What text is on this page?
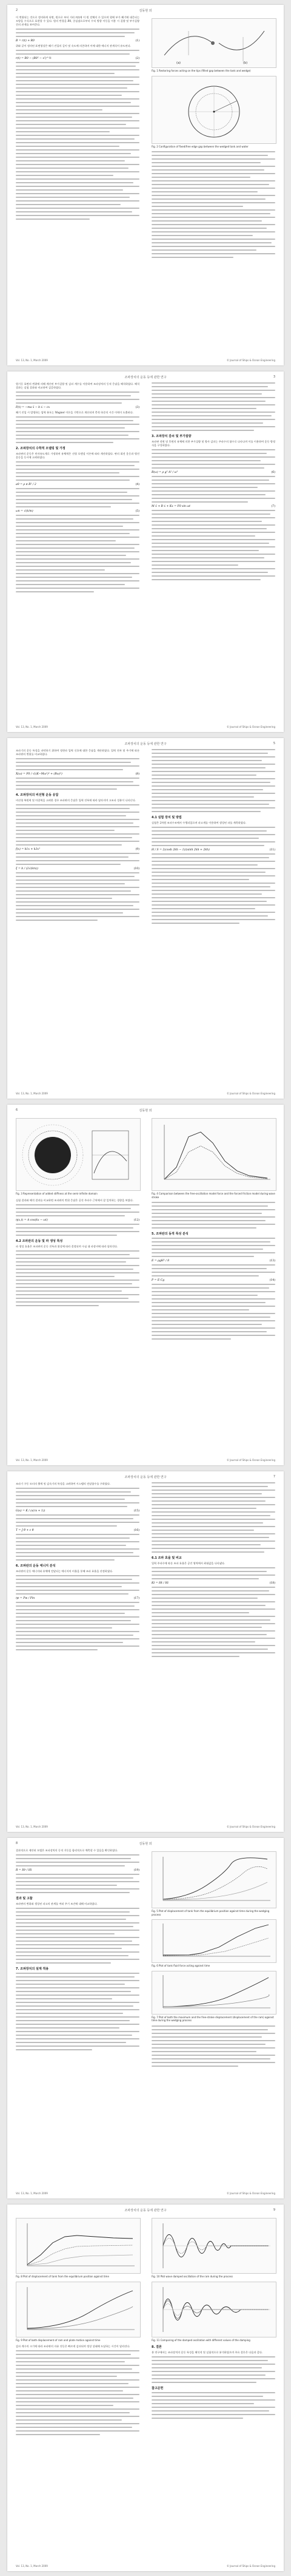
2	김동현 외

이 변위되는 것으로 정의하게 되면, 원으로 부터 거리 𝑟(𝑡)에 이 원 전체의 수 있으며 원에 부가 쐐기에 대응되는 모양을 수식으로 표현할 수 있다. 원의 반경을 𝑅0, 중심점으로부터 수직 방향 이동을 이용 시 질량 및 부가질량 간의 관계를 보여준다.

𝐵 = 𝑟(𝑡) + 𝑅0	(1)

위와 같이 정의된 표면형상은 쐐기 진입의 깊이 및 속도에 의존하며 이에 대한 에너지 관계식이 유도된다.

𝑟(𝑡) = 𝑅0 − (𝑅0² − 𝑥²)^½	(2)
(a)	(b)

Fig. 1 Restoring forces acting on the tips (filled gap between the tank and wedge)

Fig. 2 Configuration of fixed/free edge gap between the wedged tank and water

Vol. 13, No. 1, March 2009	© Journal of Ships & Ocean Engineering
조파장치의 운동 등에 관한 연구	3

원기둥 표면의 변위에 의해 계산된 부가질량 및 감쇠 계수를 이용하여 조파장치의 동적 응답을 해석하였다. 해석 결과는 실험 결과와 비교하여 검증하였다.

𝐹(𝑡) = −𝑚𝑎 ẍ − 𝑏 ẋ − 𝑐𝑥	(3)

쐐기 진입 시 발생하는 압력 분포는 Wagner 이론을 기반으로 계산되며 충격 하중의 시간 이력이 도출된다.

2. 조파장치의 수학적 모델링 및 가정

조파판의 운동은 단자유도계로 가정하며 유체력은 선형 포텐셜 이론에 따라 계산하였다. 판의 회전 운동과 병진 운동을 동시에 고려하였다.

𝑎0 = ρ π 𝑅² / 2	(4)
𝜔𝑛 = √(𝑘/𝑚)	(5)
3. 조파장치 감쇠 및 부가질량

조파판 전면 및 후면의 유체에 의한 부가질량 및 방사 감쇠는 주파수의 함수로 나타나며 이를 이용하여 운동 방정식을 구성하였다.

𝐵(𝜔) = ρ 𝑔² 𝐴² / 𝜔³	(6)
𝑀 ẍ + 𝐵 ẋ + 𝐾𝑥 = 𝐹0 sin 𝜔𝑡	(7)
Vol. 13, No. 1, March 2009	© Journal of Ships & Ocean Engineering
조파장치의 운동 등에 관한 연구	5

조파기의 운동 특성을 파악하기 위하여 정현파 입력 신호에 대한 응답을 계산하였다. 입력 진폭 및 주기에 따른 조파판의 변위를 비교하였다.

𝑋(𝜔) = 𝐹0 / √((𝐾−𝑀𝜔²)² + (𝐵𝜔)²)	(8)
4. 조파장치의 비선형 운동 응답

비선형 복원력 및 마찰력을 고려한 경우 조파판의 응답은 입력 진폭에 따라 달라지며 고조파 성분이 나타난다.

𝑓(𝑥) = 𝑘1𝑥 + 𝑘3𝑥³	(9)
𝜉 = 𝑏 / (2√(𝑘𝑚))	(10)
4.1 실험 장치 및 방법

실험은 2차원 조파수조에서 수행되었으며 파고계를 이용하여 생성된 파를 계측하였다.

𝐻 / 𝑆 = 2(cosh 2𝑘ℎ − 1)/(sinh 2𝑘ℎ + 2𝑘ℎ)	(11)
Vol. 13, No. 1, March 2009	© Journal of Ships & Ocean Engineering
6	김동현 외

Fig. 3 Representation of added stiffness at the semi-infinite domain

실험 결과와 해석 결과를 비교하면 조파판의 변위 응답은 공진 주파수 근처에서 잘 일치하는 경향을 보였다.

𝜂(𝑥,𝑡) = 𝐴 cos(𝑘𝑥 − 𝜔𝑡)	(12)
4.2 조파판의 운동 및 파 생성 특성

파 생성 효율은 조파판의 운동 진폭과 위상에 따라 결정되며 수심 대 파장비에 따라 달라진다.

Fig. 4 Comparison between the free-oscillation model force and the forced friction model during wave stroke

5. 조파판의 동적 특성 분석
𝐸 = ρ𝑔𝐻² / 8	(13)
𝑃 = 𝐸 𝐶𝑔	(14)
Vol. 13, No. 1, March 2009	© Journal of Ships & Ocean Engineering
조파장치의 운동 등에 관한 연구	7

조파기 구동 모터의 출력 및 감속기의 특성을 고려하여 시스템의 전달함수를 구하였다.

𝐺(𝑠) = 𝐾 / (𝑠(𝜏𝑠 + 1))	(15)
𝑇 = 𝐽 𝜃̈ + 𝑐 𝜃̇	(16)
6. 조파판의 운동 에너지 분석

조파판의 운동 에너지와 유체에 전달되는 에너지의 비율을 통해 조파 효율을 산정하였다.

𝜂𝑒 = 𝑃𝑤 / 𝑃𝑖𝑛	(17)
6.1 조파 효율 및 비교

입력 주파수에 따른 조파 효율은 공진 영역에서 최대값을 나타냈다.

𝐾𝑡 = 𝐻𝑡 / 𝐻𝑖	(18)
Vol. 13, No. 1, March 2009	© Journal of Ships & Ocean Engineering
8	김동현 외

결과적으로 제안된 모델은 조파장치의 동적 거동을 합리적으로 예측할 수 있음을 확인하였다.

𝑅 = 𝐻𝑟 / 𝐻𝑖	(19)
결과 및 고찰

조파판의 변위와 생성된 파고의 관계를 여러 주기 조건에 대해 비교하였다.

7. 조파장치의 설계 적용

Fig. 5 Plot of displacement of tank from the equilibrium position against time during the wedging process

Fig. 6 Plot of tank fluid force acting against time

Fig. 7 Plot of both the maximum and the free-stroke displacement (displacement of the ram) against time during the wedging process

Vol. 13, No. 1, March 2009	© Journal of Ships & Ocean Engineering
조파장치의 운동 등에 관한 연구	9

Fig. 8 Plot of displacement of tank from the equilibrium position against time

Fig. 9 Plot of both displacement of ram and plate motion against time

감쇠 계수의 크기에 따라 조파판의 자유 진동은 빠르게 감쇠되며 정상 상태에 도달하는 시간이 달라진다.

Fig. 10 Plot wave damped oscillation of the ram during the process

Fig. 11 Comparing of the damped oscillation with different values of the damping

8. 결론

본 연구에서는 조파장치의 운동 특성을 해석적 및 실험적으로 분석하였으며 주요 결론은 다음과 같다.

참고문헌
Vol. 13, No. 1, March 2009	© Journal of Ships & Ocean Engineering
